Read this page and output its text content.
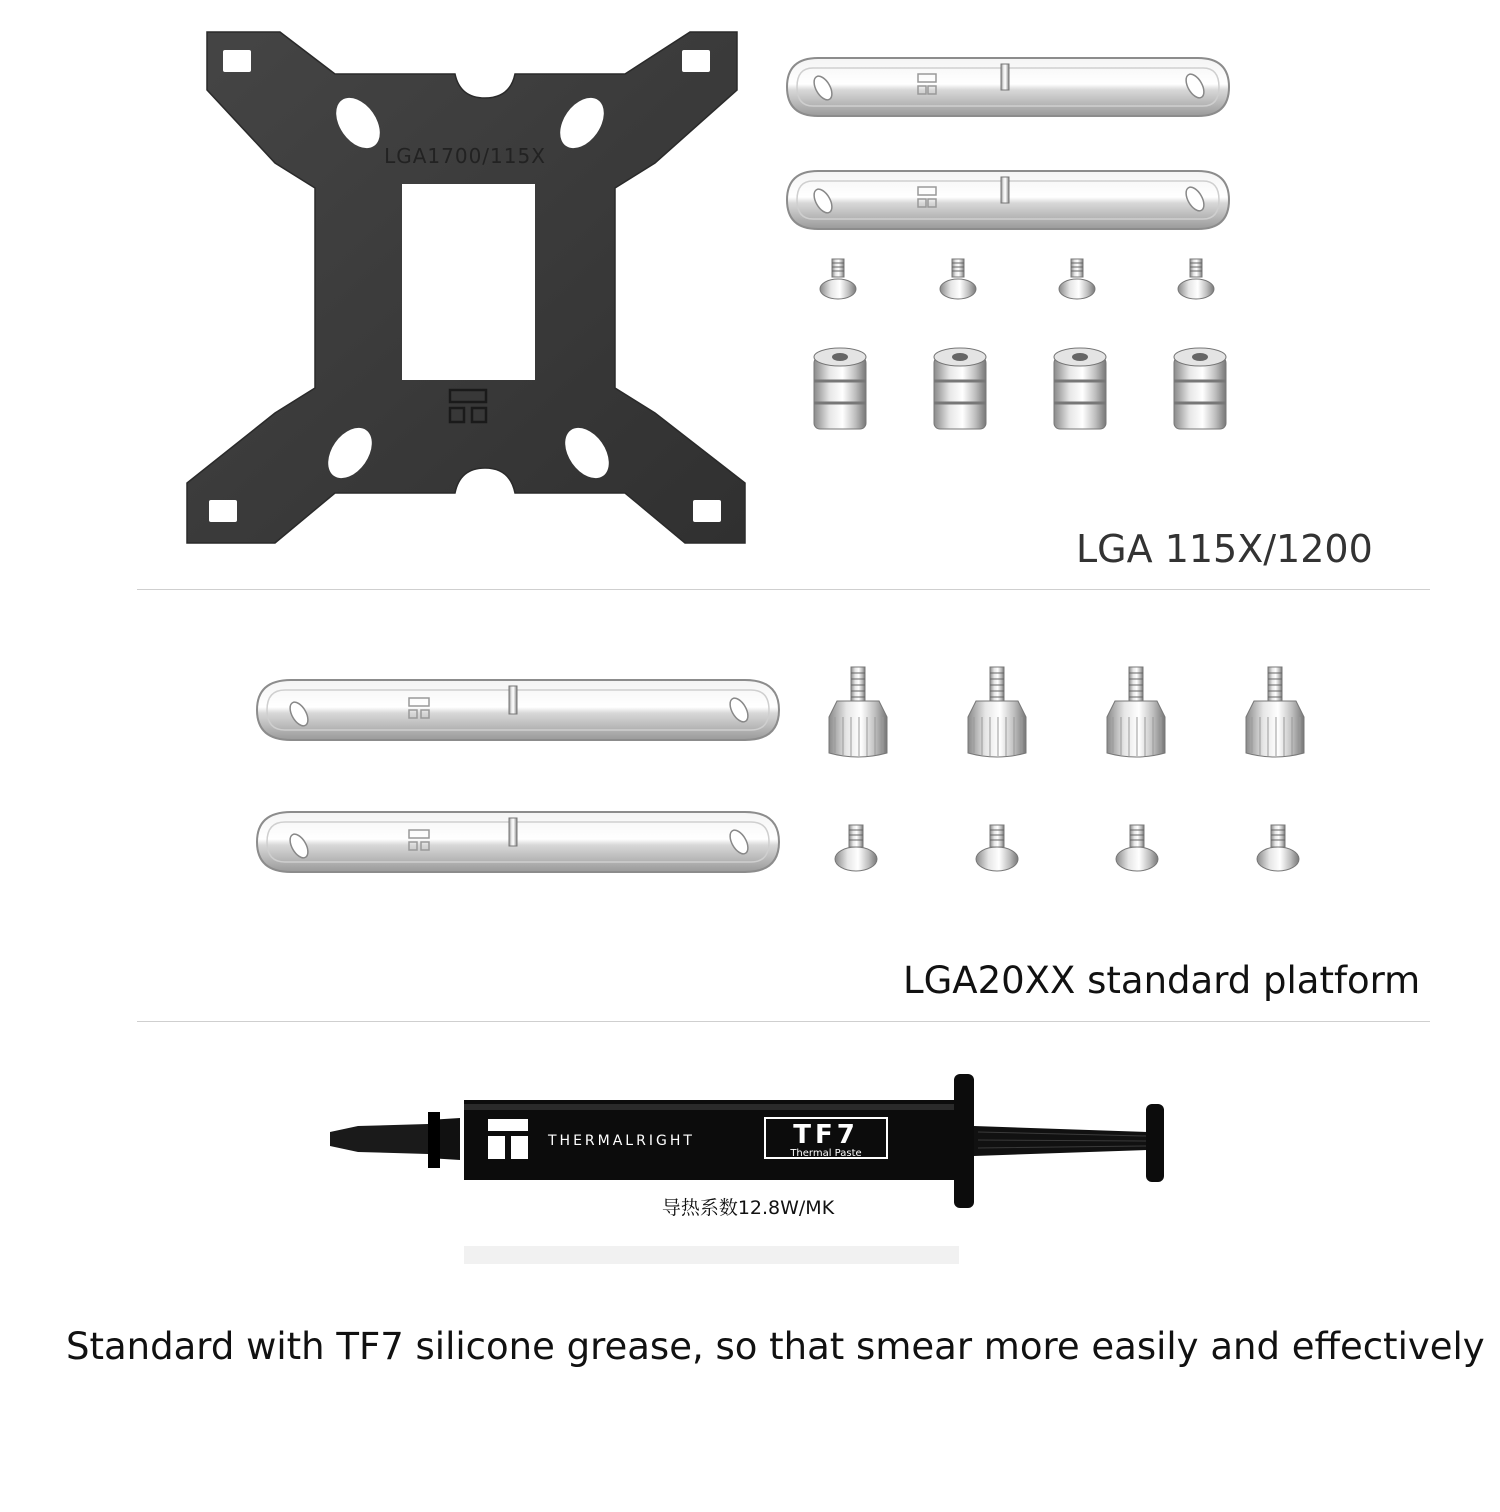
LGA1700/115X
LGA 115X/1200
LGA20XX standard platform
THERMALRIGHT	TF7
Thermal Paste
导热系数12.8W/MK
Standard with TF7 silicone grease, so that smear more easily and effectively
